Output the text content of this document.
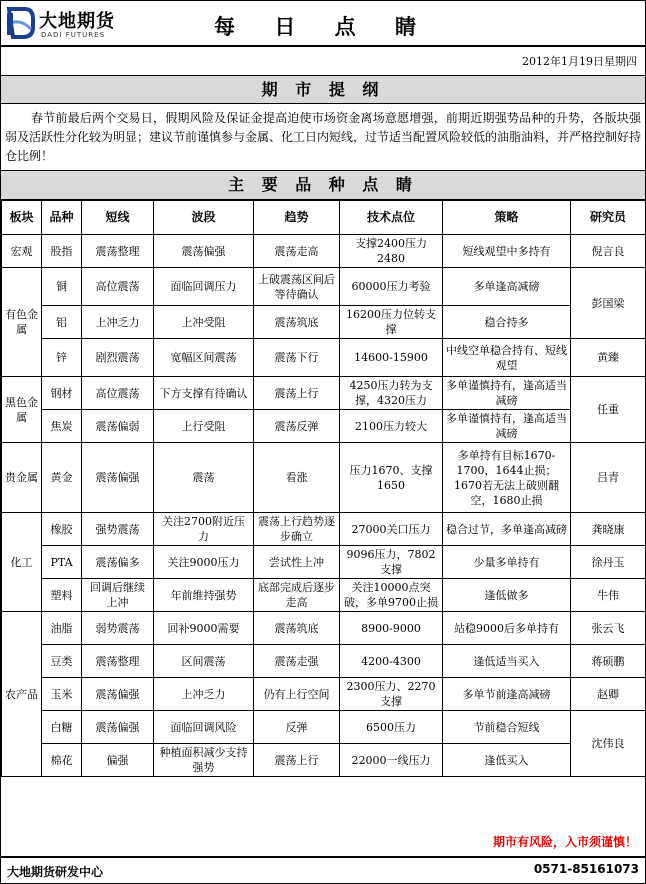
大地期货
DADI FUTURES	每 日 点 睛
2012年1月19日星期四
期 市 提 纲
春节前最后两个交易日，假期风险及保证金提高迫使市场资金离场意愿增强，前期近期强势品种的升势，各版块强弱及活跃性分化较为明显；建议节前谨慎参与金属、化工日内短线，过节适当配置风险较低的油脂油料，并严格控制好持仓比例！
主 要 品 种 点 睛
板块	品种	短线	波段	趋势	技术点位	策略	研究员
宏观	股指	震荡整理	震荡偏强	震荡走高	支撑2400压力2480	短线观望中多持有	倪言良
有色金属	铜	高位震荡	面临回调压力	上破震荡区间后等待确认	60000压力考验	多单逢高减磅	彭国梁
	铝	上冲乏力	上冲受阻	震荡筑底	16200压力位转支撑	稳合持多	
	锌	剧烈震荡	宽幅区间震荡	震荡下行	14600-15900	中线空单稳合持有、短线观望	黄臻
黑色金属	钢材	高位震荡	下方支撑有待确认	震荡上行	4250压力转为支撑，4320压力	多单谨慎持有，逢高适当减磅	任重
	焦炭	震荡偏弱	上行受阻	震荡反弹	2100压力较大	多单谨慎持有，逢高适当减磅	
贵金属	黄金	震荡偏强	震荡	看涨	压力1670、支撑1650	多单持有目标1670-1700，1644止损；1670若无法上破则翻空，1680止损	吕青
化工	橡胶	强势震荡	关注2700附近压力	震荡上行趋势逐步确立	27000关口压力	稳合过节，多单逢高减磅	龚晓康
	PTA	震荡偏多	关注9000压力	尝试性上冲	9096压力，7802支撑	少量多单持有	徐丹玉
	塑料	回调后继续上冲	年前维持强势	底部完成后逐步走高	关注10000点突破，多单9700止损	逢低做多	牛伟
农产品	油脂	弱势震荡	回补9000需要	震荡筑底	8900-9000	站稳9000后多单持有	张云飞
	豆类	震荡整理	区间震荡	震荡走强	4200-4300	逢低适当买入	蒋硕鹏
	玉米	震荡偏强	上冲乏力	仍有上行空间	2300压力、2270支撑	多单节前逢高减磅	赵卿
	白糖	震荡偏强	面临回调风险	反弹	6500压力	节前稳合短线	沈伟良
	棉花	偏强	种植面积减少支持强势	震荡上行	22000一线压力	逢低买入	
期市有风险，入市须谨慎！
大地期货研发中心	0571-85161073
